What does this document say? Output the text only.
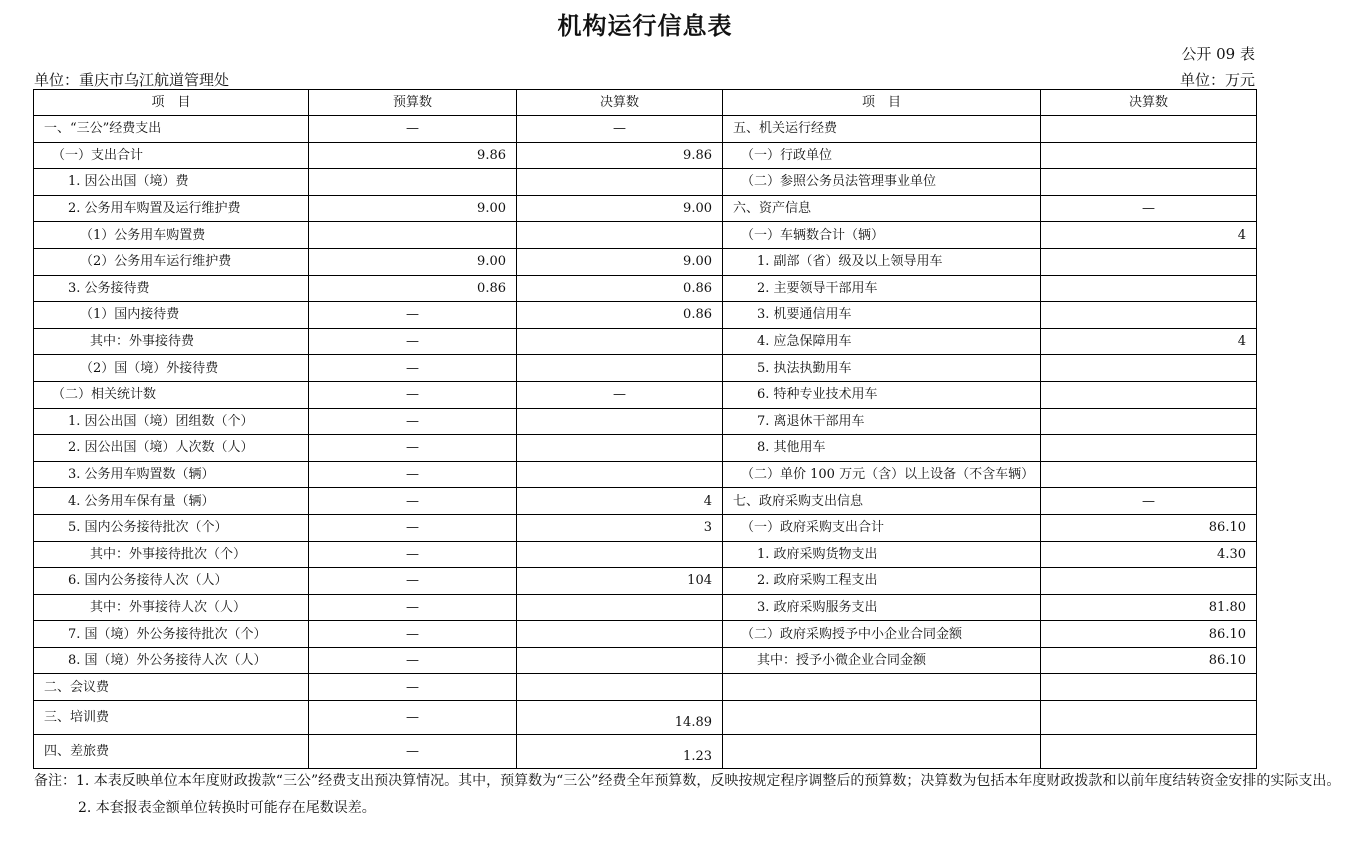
机构运行信息表
公开 09 表
单位：重庆市乌江航道管理处	单位：万元
项　目	预算数	决算数	项　目	决算数
一、“三公”经费支出	—	—	五、机关运行经费	
（一）支出合计	9.86	9.86	（一）行政单位	
1. 因公出国（境）费			（二）参照公务员法管理事业单位	
2. 公务用车购置及运行维护费	9.00	9.00	六、资产信息	—
（1）公务用车购置费			（一）车辆数合计（辆）	4
（2）公务用车运行维护费	9.00	9.00	1. 副部（省）级及以上领导用车	
3. 公务接待费	0.86	0.86	2. 主要领导干部用车	
（1）国内接待费	—	0.86	3. 机要通信用车	
其中：外事接待费	—		4. 应急保障用车	4
（2）国（境）外接待费	—		5. 执法执勤用车	
（二）相关统计数	—	—	6. 特种专业技术用车	
1. 因公出国（境）团组数（个）	—		7. 离退休干部用车	
2. 因公出国（境）人次数（人）	—		8. 其他用车	
3. 公务用车购置数（辆）	—		（二）单价 100 万元（含）以上设备（不含车辆）	
4. 公务用车保有量（辆）	—	4	七、政府采购支出信息	—
5. 国内公务接待批次（个）	—	3	（一）政府采购支出合计	86.10
其中：外事接待批次（个）	—		1. 政府采购货物支出	4.30
6. 国内公务接待人次（人）	—	104	2. 政府采购工程支出	
其中：外事接待人次（人）	—		3. 政府采购服务支出	81.80
7. 国（境）外公务接待批次（个）	—		（二）政府采购授予中小企业合同金额	86.10
8. 国（境）外公务接待人次（人）	—		其中：授予小微企业合同金额	86.10
二、会议费	—			
三、培训费	—	14.89		
四、差旅费	—	1.23		
备注：1. 本表反映单位本年度财政拨款“三公”经费支出预决算情况。其中，预算数为“三公”经费全年预算数，反映按规定程序调整后的预算数；决算数为包括本年度财政拨款和以前年度结转资金安排的实际支出。
2. 本套报表金额单位转换时可能存在尾数误差。
